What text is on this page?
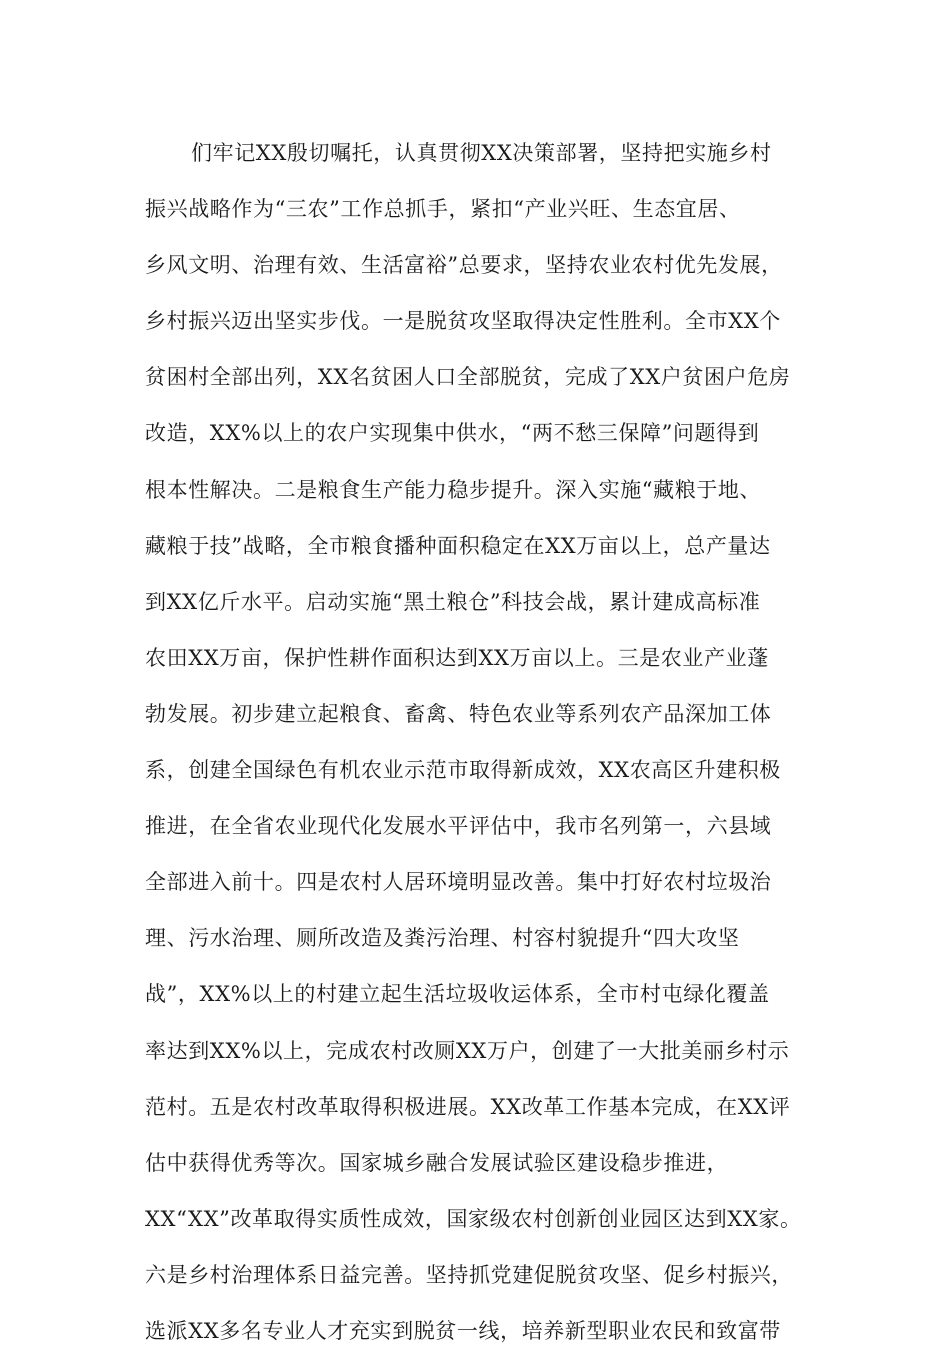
们牢记XX殷切嘱托，认真贯彻XX决策部署，坚持把实施乡村
振兴战略作为“三农”工作总抓手，紧扣“产业兴旺、生态宜居、
乡风文明、治理有效、生活富裕”总要求，坚持农业农村优先发展，
乡村振兴迈出坚实步伐。一是脱贫攻坚取得决定性胜利。全市XX个
贫困村全部出列，XX名贫困人口全部脱贫，完成了XX户贫困户危房
改造，XX%以上的农户实现集中供水，“两不愁三保障”问题得到
根本性解决。二是粮食生产能力稳步提升。深入实施“藏粮于地、
藏粮于技”战略，全市粮食播种面积稳定在XX万亩以上，总产量达
到XX亿斤水平。启动实施“黑土粮仓”科技会战，累计建成高标准
农田XX万亩，保护性耕作面积达到XX万亩以上。三是农业产业蓬
勃发展。初步建立起粮食、畜禽、特色农业等系列农产品深加工体
系，创建全国绿色有机农业示范市取得新成效，XX农高区升建积极
推进，在全省农业现代化发展水平评估中，我市名列第一，六县域
全部进入前十。四是农村人居环境明显改善。集中打好农村垃圾治
理、污水治理、厕所改造及粪污治理、村容村貌提升“四大攻坚
战”，XX%以上的村建立起生活垃圾收运体系，全市村屯绿化覆盖
率达到XX%以上，完成农村改厕XX万户，创建了一大批美丽乡村示
范村。五是农村改革取得积极进展。XX改革工作基本完成，在XX评
估中获得优秀等次。国家城乡融合发展试验区建设稳步推进，
XX“XX”改革取得实质性成效，国家级农村创新创业园区达到XX家。
六是乡村治理体系日益完善。坚持抓党建促脱贫攻坚、促乡村振兴，
选派XX多名专业人才充实到脱贫一线，培养新型职业农民和致富带
